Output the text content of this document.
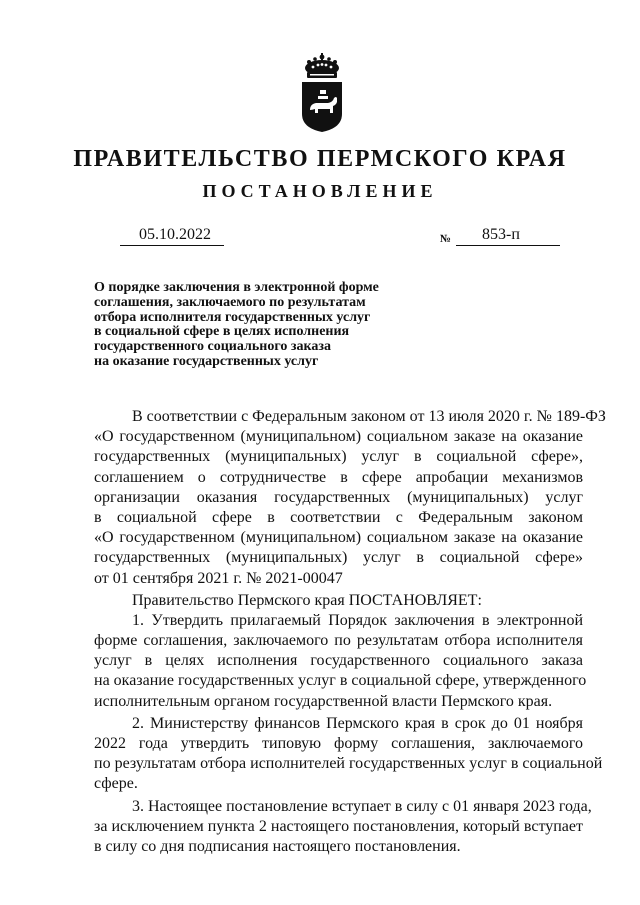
ПРАВИТЕЛЬСТВО ПЕРМСКОГО КРАЯ
ПОСТАНОВЛЕНИЕ
05.10.2022	№	853-п
О порядке заключения в электронной форме
соглашения, заключаемого по результатам
отбора исполнителя государственных услуг
в социальной сфере в целях исполнения
государственного социального заказа
на оказание государственных услуг
В соответствии с Федеральным законом от 13 июля 2020 г. № 189-ФЗ
«О государственном (муниципальном) социальном заказе на оказание
государственных (муниципальных) услуг в социальной сфере»,
соглашением о сотрудничестве в сфере апробации механизмов
организации оказания государственных (муниципальных) услуг
в социальной сфере в соответствии с Федеральным законом
«О государственном (муниципальном) социальном заказе на оказание
государственных (муниципальных) услуг в социальной сфере»
от 01 сентября 2021 г. № 2021-00047
Правительство Пермского края ПОСТАНОВЛЯЕТ:
1. Утвердить прилагаемый Порядок заключения в электронной
форме соглашения, заключаемого по результатам отбора исполнителя
услуг в целях исполнения государственного социального заказа
на оказание государственных услуг в социальной сфере, утвержденного
исполнительным органом государственной власти Пермского края.
2. Министерству финансов Пермского края в срок до 01 ноября
2022 года утвердить типовую форму соглашения, заключаемого
по результатам отбора исполнителей государственных услуг в социальной
сфере.
3. Настоящее постановление вступает в силу с 01 января 2023 года,
за исключением пункта 2 настоящего постановления, который вступает
в силу со дня подписания настоящего постановления.
